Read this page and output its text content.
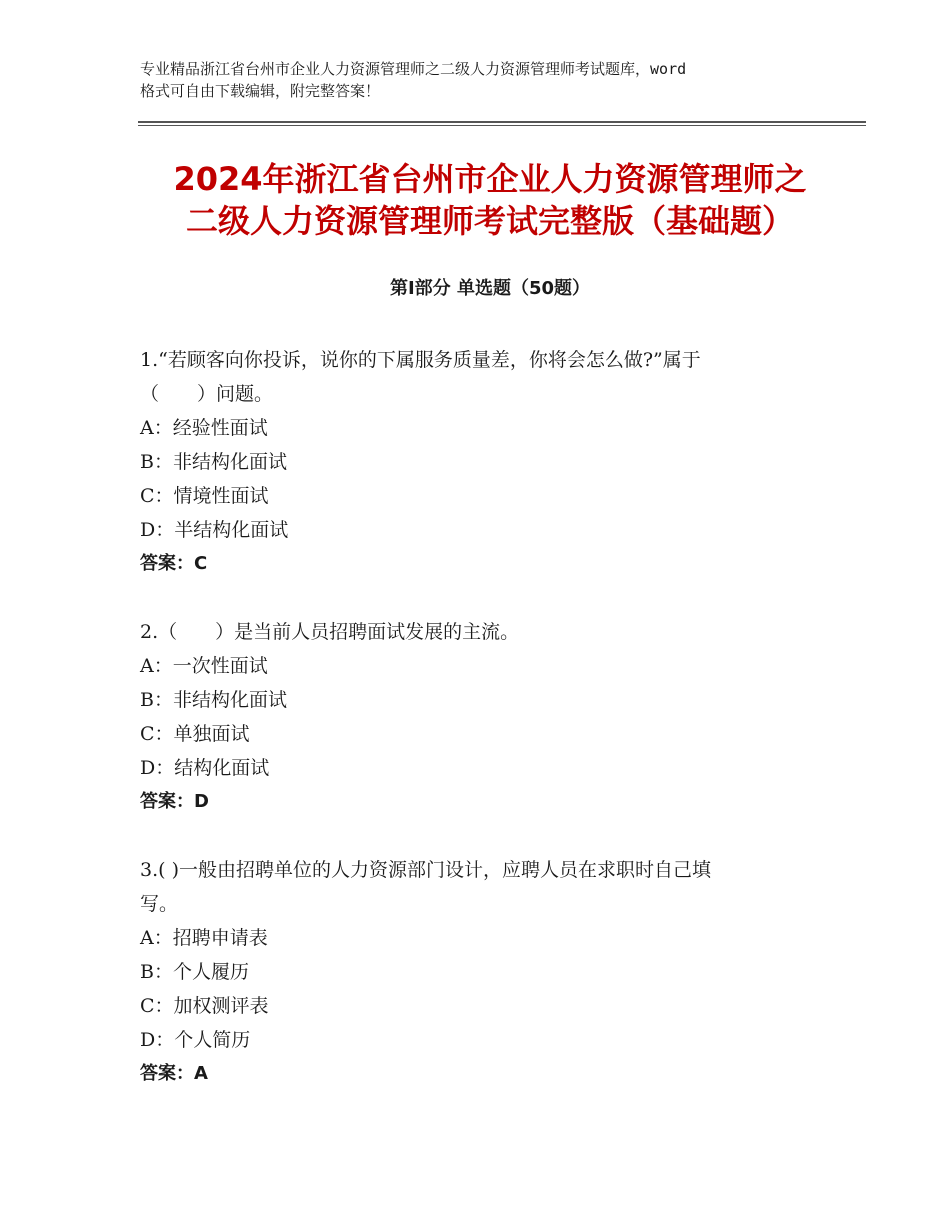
专业精品浙江省台州市企业人力资源管理师之二级人力资源管理师考试题库，word
格式可自由下载编辑，附完整答案！
2024年浙江省台州市企业人力资源管理师之
二级人力资源管理师考试完整版（基础题）
第Ⅰ部分 单选题（50题）
1.“若顾客向你投诉，说你的下属服务质量差，你将会怎么做?”属于
（　　）问题。
A：经验性面试
B：非结构化面试
C：情境性面试
D：半结构化面试
答案：C
2.（　　）是当前人员招聘面试发展的主流。
A：一次性面试
B：非结构化面试
C：单独面试
D：结构化面试
答案：D
3.( )一般由招聘单位的人力资源部门设计，应聘人员在求职时自己填
写。
A：招聘申请表
B：个人履历
C：加权测评表
D：个人简历
答案：A
